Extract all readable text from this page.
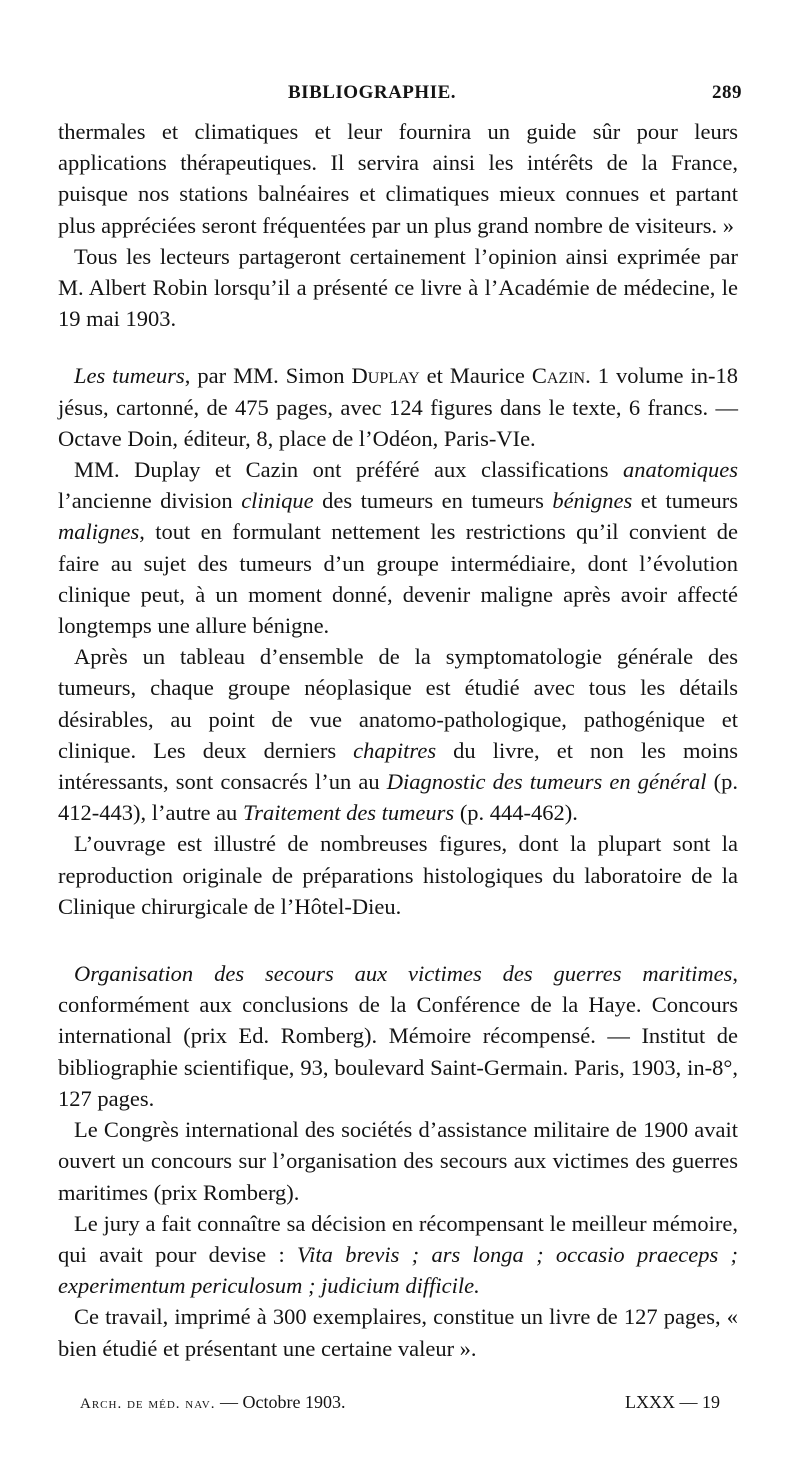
BIBLIOGRAPHIE.	289

thermales et climatiques et leur fournira un guide sûr pour leurs applications thérapeutiques. Il servira ainsi les intérêts de la France, puisque nos stations balnéaires et climatiques mieux connues et partant plus appréciées seront fréquentées par un plus grand nombre de visiteurs. »

Tous les lecteurs partageront certainement l’opinion ainsi exprimée par M. Albert Robin lorsqu’il a présenté ce livre à l’Académie de médecine, le 19 mai 1903.

Les tumeurs, par MM. Simon Duplay et Maurice Cazin. 1 volume in-18 jésus, cartonné, de 475 pages, avec 124 figures dans le texte, 6 francs. — Octave Doin, éditeur, 8, place de l’Odéon, Paris-VIe.

MM. Duplay et Cazin ont préféré aux classifications anatomiques l’ancienne division clinique des tumeurs en tumeurs bénignes et tumeurs malignes, tout en formulant nettement les restrictions qu’il convient de faire au sujet des tumeurs d’un groupe intermédiaire, dont l’évolution clinique peut, à un moment donné, devenir maligne après avoir affecté longtemps une allure bénigne.

Après un tableau d’ensemble de la symptomatologie générale des tumeurs, chaque groupe néoplasique est étudié avec tous les détails désirables, au point de vue anatomo-pathologique, pathogénique et clinique. Les deux derniers chapitres du livre, et non les moins intéressants, sont consacrés l’un au Diagnostic des tumeurs en général (p. 412-443), l’autre au Traitement des tumeurs (p. 444-462).

L’ouvrage est illustré de nombreuses figures, dont la plupart sont la reproduction originale de préparations histologiques du laboratoire de la Clinique chirurgicale de l’Hôtel-Dieu.

Organisation des secours aux victimes des guerres maritimes, conformément aux conclusions de la Conférence de la Haye. Concours international (prix Ed. Romberg). Mémoire récompensé. — Institut de bibliographie scientifique, 93, boulevard Saint-Germain. Paris, 1903, in-8°, 127 pages.

Le Congrès international des sociétés d’assistance militaire de 1900 avait ouvert un concours sur l’organisation des secours aux victimes des guerres maritimes (prix Romberg).

Le jury a fait connaître sa décision en récompensant le meilleur mémoire, qui avait pour devise : Vita brevis ; ars longa ; occasio praeceps ; experimentum periculosum ; judicium difficile.

Ce travail, imprimé à 300 exemplaires, constitue un livre de 127 pages, « bien étudié et présentant une certaine valeur ».

Arch. de méd. nav. — Octobre 1903.	LXXX — 19
